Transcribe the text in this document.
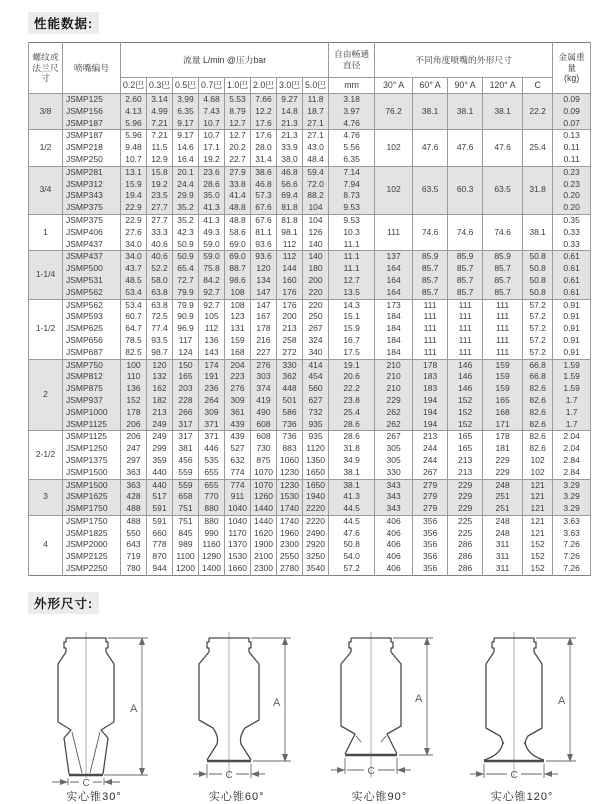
性能数据:
螺纹或法兰尺寸	喷嘴编号	流量 L/min @压力bar								自由畅通直径	不同角度喷嘴的外形尺寸					金属重量
(kg)
		0.2巴	0.3巴	0.5巴	0.7巴	1.0巴	2.0巴	3.0巴	5.0巴	mm	30° A	60° A	90° A	120° A	C	
3/8	JSMP125	2.60	3.14	3.99	4.68	5.53	7.66	9.27	11.8	3.18	76.2	38.1	38.1	38.1	22.2	0.09
	JSMP156	4.13	4.99	6.35	7.43	8.79	12.2	14.8	18.7	3.97						0.09
	JSMP187	5.96	7.21	9.17	10.7	12.7	17.6	21.3	27.1	4.76						0.07
1/2	JSMP187	5.96	7.21	9.17	10.7	12.7	17.6	21.3	27.1	4.76	102	47.6	47.6	47.6	25.4	0.13
	JSMP218	9.48	11.5	14.6	17.1	20.2	28.0	33.9	43.0	5.56						0.11
	JSMP250	10.7	12.9	16.4	19.2	22.7	31.4	38.0	48.4	6.35						0.11
3/4	JSMP281	13.1	15.8	20.1	23.6	27.9	38.6	46.8	59.4	7.14	102	63.5	60.3	63.5	31.8	0.23
	JSMP312	15.9	19.2	24.4	28.6	33.8	46.8	56.6	72.0	7.94						0.23
	JSMP343	19.4	23.5	29.9	35.0	41.4	57.3	69.4	88.2	8.73						0.20
	JSMP375	22.9	27.7	35.2	41.3	48.8	67.6	81.8	104	9.53						0.20
1	JSMP375	22.9	27.7	35.2	41.3	48.8	67.6	81.8	104	9.53	111	74.6	74.6	74.6	38.1	0.35
	JSMP406	27.6	33.3	42.3	49.3	58.6	81.1	98.1	126	10.3						0.33
	JSMP437	34.0	40.6	50.9	59.0	69.0	93.6	112	140	11.1						0.33
1-1/4	JSMP437	34.0	40.6	50.9	59.0	69.0	93.6	112	140	11.1	137	85.9	85.9	85.9	50.8	0.61
	JSMP500	43.7	52.2	65.4	75.8	88.7	120	144	180	11.1	164	85.7	85.7	85.7	50.8	0.61
	JSMP531	48.5	58.0	72.7	84.2	98.6	134	160	200	12.7	164	85.7	85.7	85.7	50.8	0.61
	JSMP562	53.4	63.8	79.9	92.7	108	147	176	220	13.5	164	85.7	85.7	85.7	50.8	0.61
1-1/2	JSMP562	53.4	63.8	79.9	92.7	108	147	176	220	14.3	173	111	111	111	57.2	0.91
	JSMP593	60.7	72.5	90.9	105	123	167	200	250	15.1	184	111	111	111	57.2	0.91
	JSMP625	64.7	77.4	96.9	112	131	178	213	267	15.9	184	111	111	111	57.2	0.91
	JSMP656	78.5	93.5	117	136	159	216	258	324	16.7	184	111	111	111	57.2	0.91
	JSMP687	82.5	98.7	124	143	168	227	272	340	17.5	184	111	111	111	57.2	0.91
2	JSMP750	100	120	150	174	204	276	330	414	19.1	210	178	146	159	66.8	1.59
	JSMP812	110	132	165	191	223	303	362	454	20.6	210	183	146	159	66.8	1.59
	JSMP875	136	162	203	236	276	374	448	560	22.2	210	183	146	159	82.6	1.59
	JSMP937	152	182	228	264	309	419	501	627	23.8	229	194	152	165	82.6	1.7
	JSMP1000	178	213	266	309	361	490	586	732	25.4	262	194	152	168	82.6	1.7
	JSMP1125	206	249	317	371	439	608	736	935	28.6	262	194	152	171	82.6	1.7
2-1/2	JSMP1125	206	249	317	371	439	608	736	935	28.6	267	213	165	178	82.6	2.04
	JSMP1250	247	299	381	446	527	730	883	1120	31.8	305	244	165	181	82.6	2.04
	JSMP1375	297	359	456	535	632	875	1060	1350	34.9	305	244	213	229	102	2.84
	JSMP1500	363	440	559	655	774	1070	1230	1650	38.1	330	267	213	229	102	2.84
3	JSMP1500	363	440	559	655	774	1070	1230	1650	38.1	343	279	229	248	121	3.29
	JSMP1625	428	517	658	770	911	1260	1530	1940	41.3	343	279	229	251	121	3.29
	JSMP1750	488	591	751	880	1040	1440	1740	2220	44.5	343	279	229	251	121	3.29
4	JSMP1750	488	591	751	880	1040	1440	1740	2220	44.5	406	356	225	248	121	3.63
	JSMP1825	550	660	845	990	1170	1620	1960	2490	47.6	406	356	225	248	121	3.63
	JSMP2000	643	778	989	1160	1370	1900	2300	2920	50.8	406	356	286	311	152	7.26
	JSMP2125	719	870	1100	1290	1530	2100	2550	3250	54.0	406	356	286	311	152	7.26
	JSMP2250	780	944	1200	1400	1660	2300	2780	3540	57.2	406	356	286	311	152	7.26
外形尺寸:
A
C
实心锥30°
A
C
实心锥60°
A
C
实心锥90°
A
C
实心锥120°
